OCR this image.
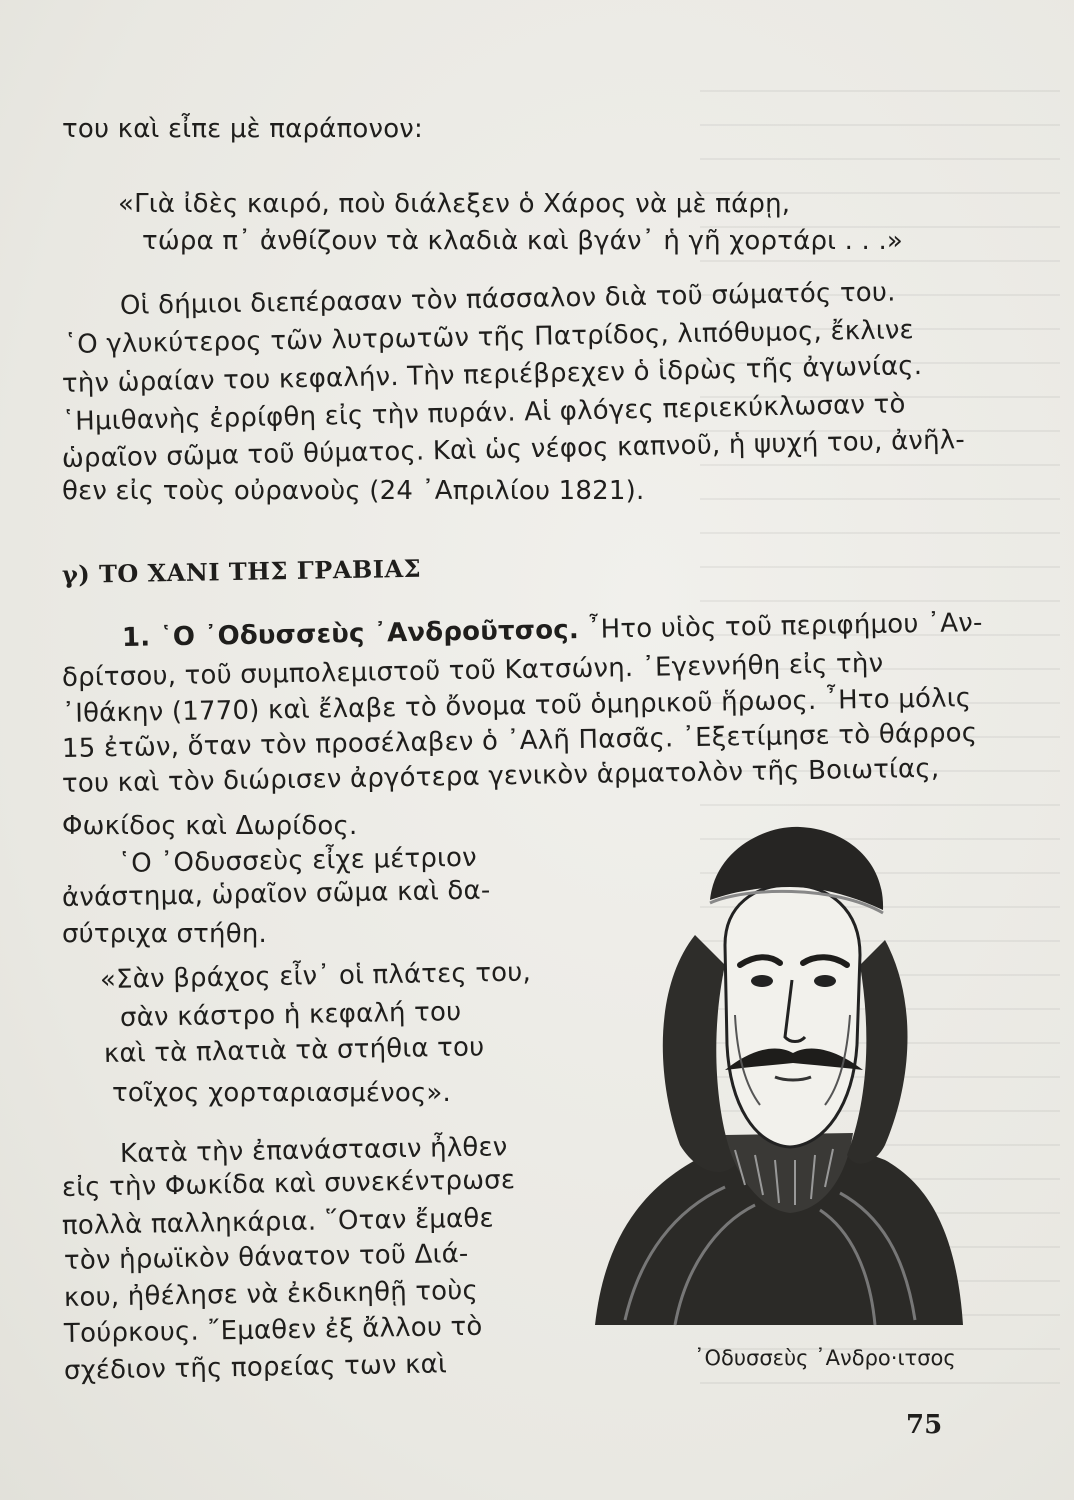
του καὶ εἶπε μὲ παράπονον:
«Γιὰ ἰδὲς καιρό, ποὺ διάλεξεν ὁ Χάρος νὰ μὲ πάρῃ,
τώρα π᾿ ἀνθίζουν τὰ κλαδιὰ καὶ βγάν᾿ ἡ γῆ χορτάρι . . .»
Οἱ δήμιοι διεπέρασαν τὸν πάσσαλον διὰ τοῦ σώματός του.
῾Ο γλυκύτερος τῶν λυτρωτῶν τῆς Πατρίδος, λιπόθυμος, ἔκλινε
τὴν ὡραίαν του κεφαλήν. Τὴν περιέβρεχεν ὁ ἱδρὼς τῆς ἀγωνίας.
῾Ημιθανὴς ἐρρίφθη εἰς τὴν πυράν. Αἱ φλόγες περιεκύκλωσαν τὸ
ὡραῖον σῶμα τοῦ θύματος. Καὶ ὡς νέφος καπνοῦ, ἡ ψυχή του, ἀνῆλ-
θεν εἰς τοὺς οὐρανοὺς (24 ᾿Απριλίου 1821).
γ) ΤΟ ΧΑΝΙ ΤΗΣ ΓΡΑΒΙΑΣ
1. ῾Ο ᾿Οδυσσεὺς ᾿Ανδροῦτσος. ῏Ητο υἱὸς τοῦ περιφήμου ᾿Αν-
δρίτσου, τοῦ συμπολεμιστοῦ τοῦ Κατσώνη. ᾿Εγεννήθη εἰς τὴν
᾿Ιθάκην (1770) καὶ ἔλαβε τὸ ὄνομα τοῦ ὁμηρικοῦ ἥρωος. ῏Ητο μόλις
15 ἐτῶν, ὅταν τὸν προσέλαβεν ὁ ᾿Αλῆ Πασᾶς. ᾿Εξετίμησε τὸ θάρρος
του καὶ τὸν διώρισεν ἀργότερα γενικὸν ἁρματολὸν τῆς Βοιωτίας,
Φωκίδος καὶ Δωρίδος.
῾Ο ᾿Οδυσσεὺς εἶχε μέτριον
ἀνάστημα, ὡραῖον σῶμα καὶ δα-
σύτριχα στήθη.
«Σὰν βράχος εἶν᾿ οἱ πλάτες του,
σὰν κάστρο ἡ κεφαλή του
καὶ τὰ πλατιὰ τὰ στήθια του
τοῖχος χορταριασμένος».
Κατὰ τὴν ἐπανάστασιν ἦλθεν
εἰς τὴν Φωκίδα καὶ συνεκέντρωσε
πολλὰ παλληκάρια. ῞Οταν ἔμαθε
τὸν ἡρωϊκὸν θάνατον τοῦ Διά-
κου, ἠθέλησε νὰ ἐκδικηθῇ τοὺς
Τούρκους. ῎Εμαθεν ἐξ ἄλλου τὸ
σχέδιον τῆς πορείας των καὶ	᾿Οδυσσεὺς ᾿Ανδρο⋅ιτσος
75
